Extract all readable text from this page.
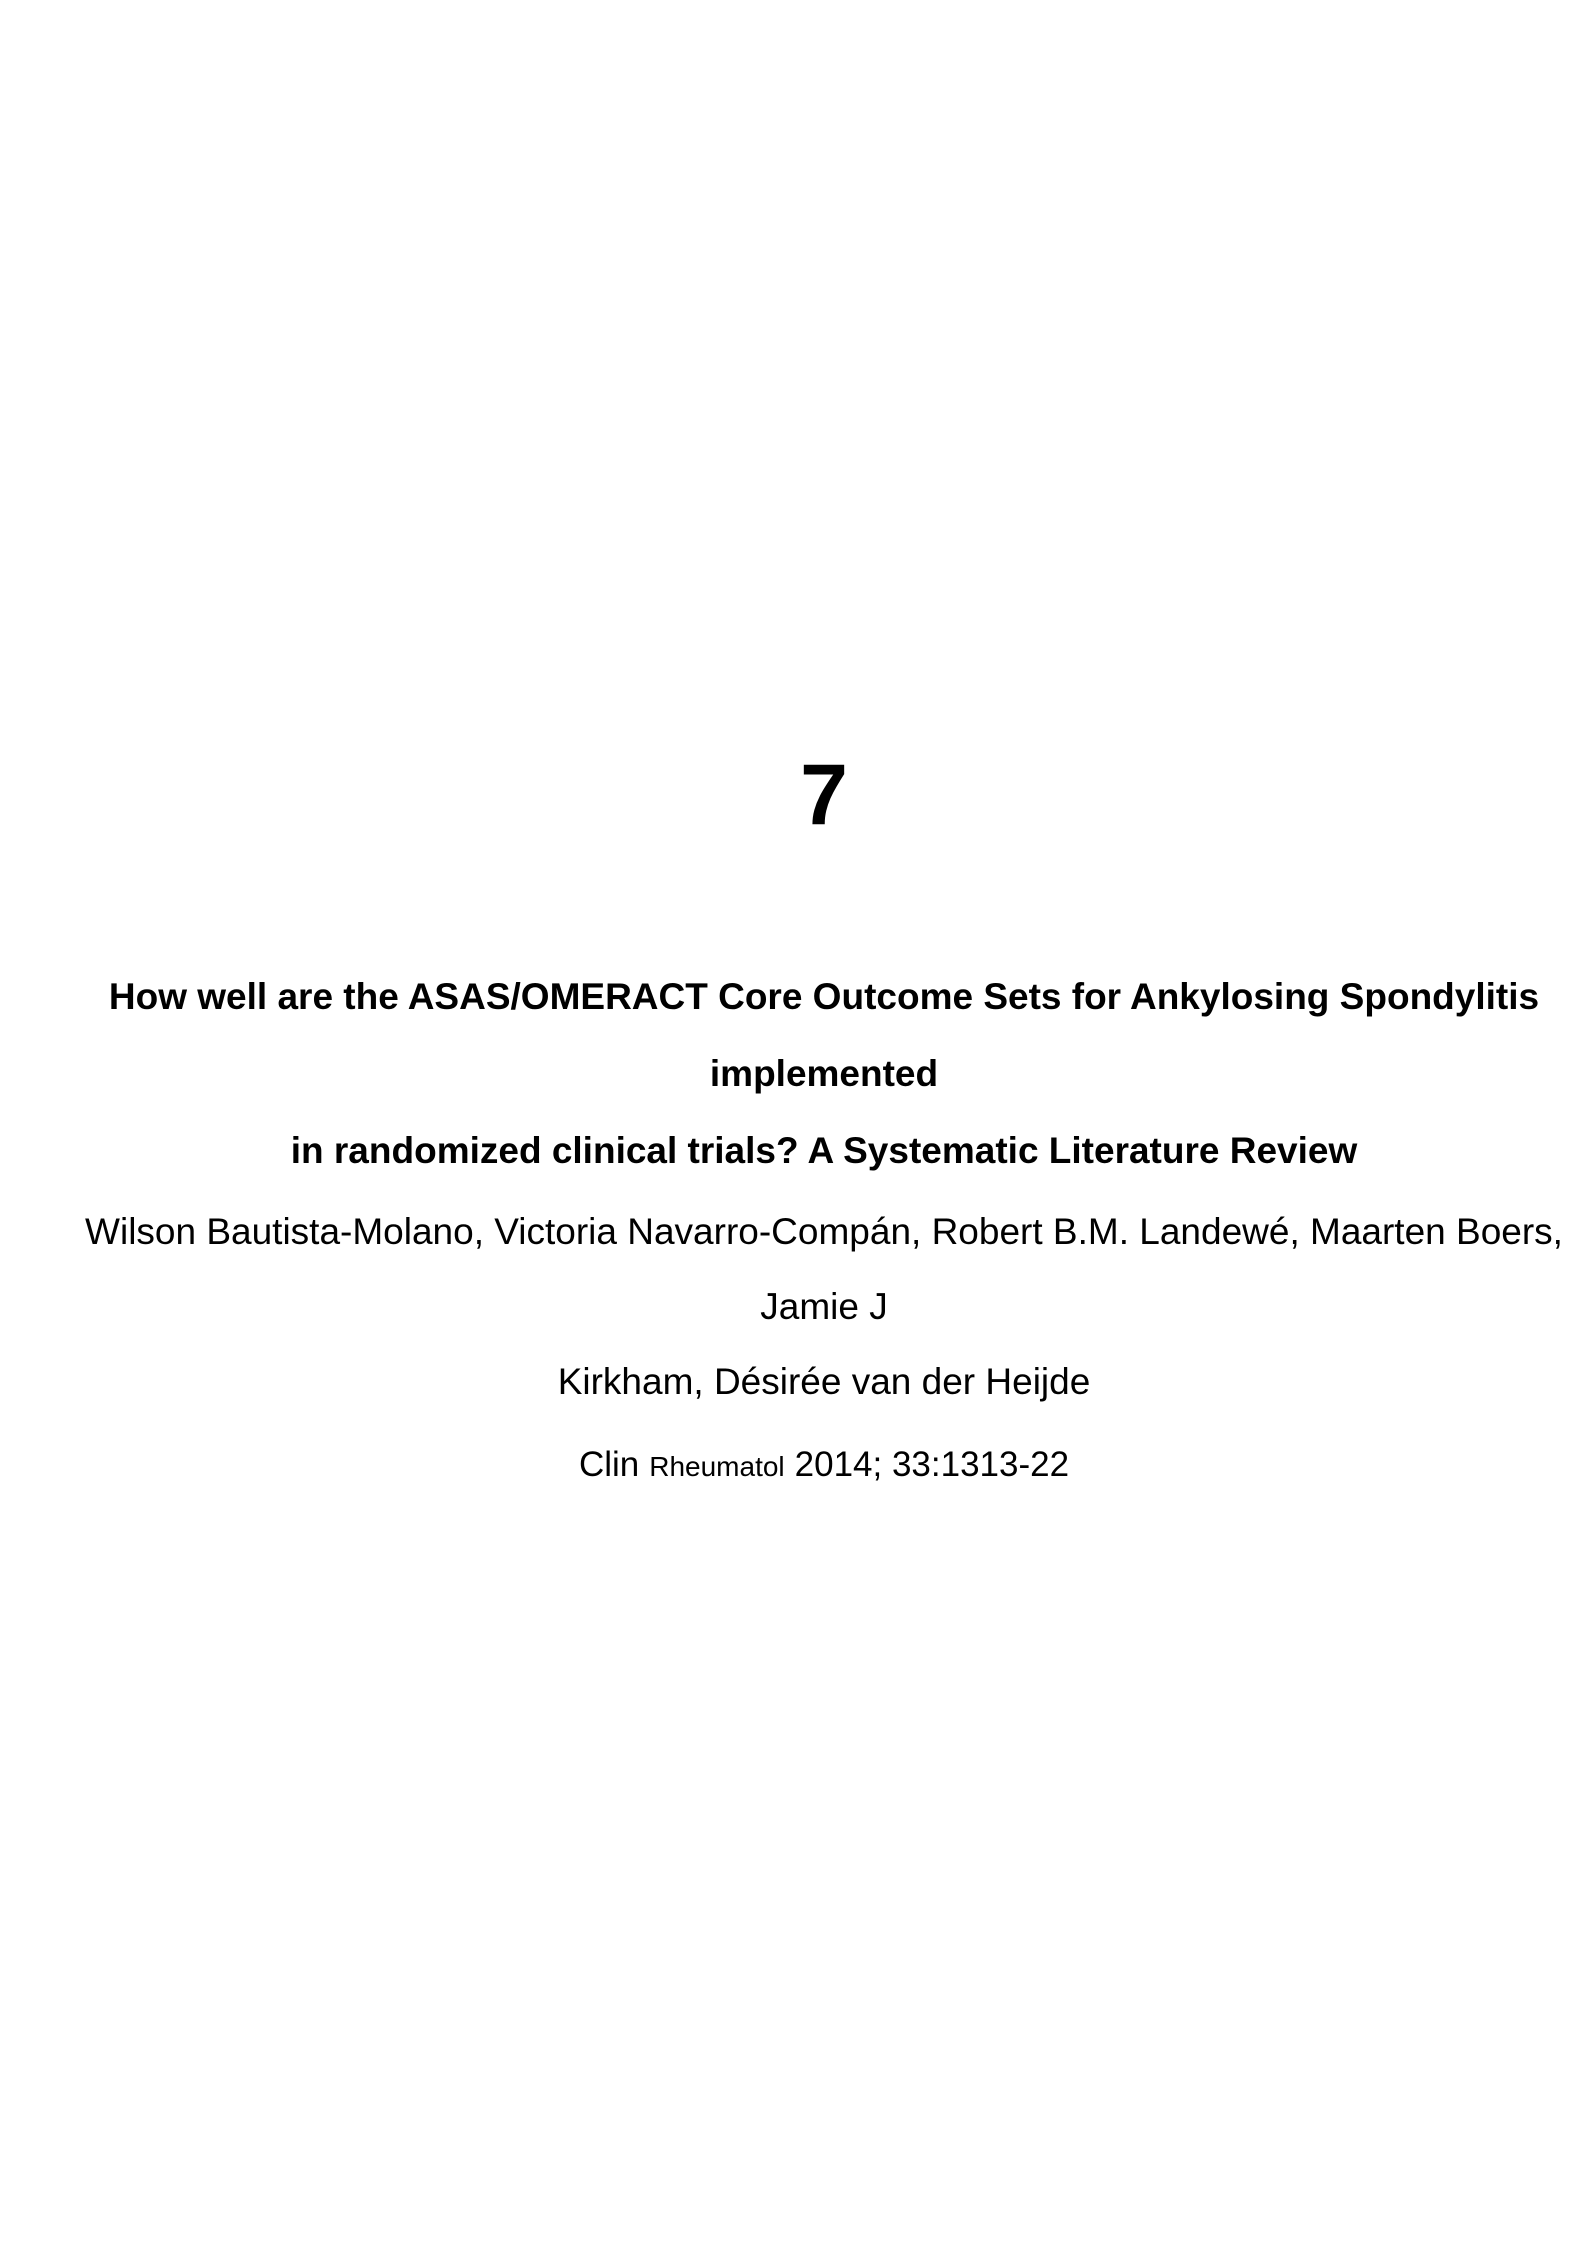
7
How well are the ASAS/OMERACT Core Outcome Sets for Ankylosing Spondylitis implemented
in randomized clinical trials? A Systematic Literature Review
Wilson Bautista-Molano, Victoria Navarro-Compán, Robert B.M. Landewé, Maarten Boers, Jamie J
Kirkham, Désirée van der Heijde
Clin Rheumatol 2014; 33:1313-22
